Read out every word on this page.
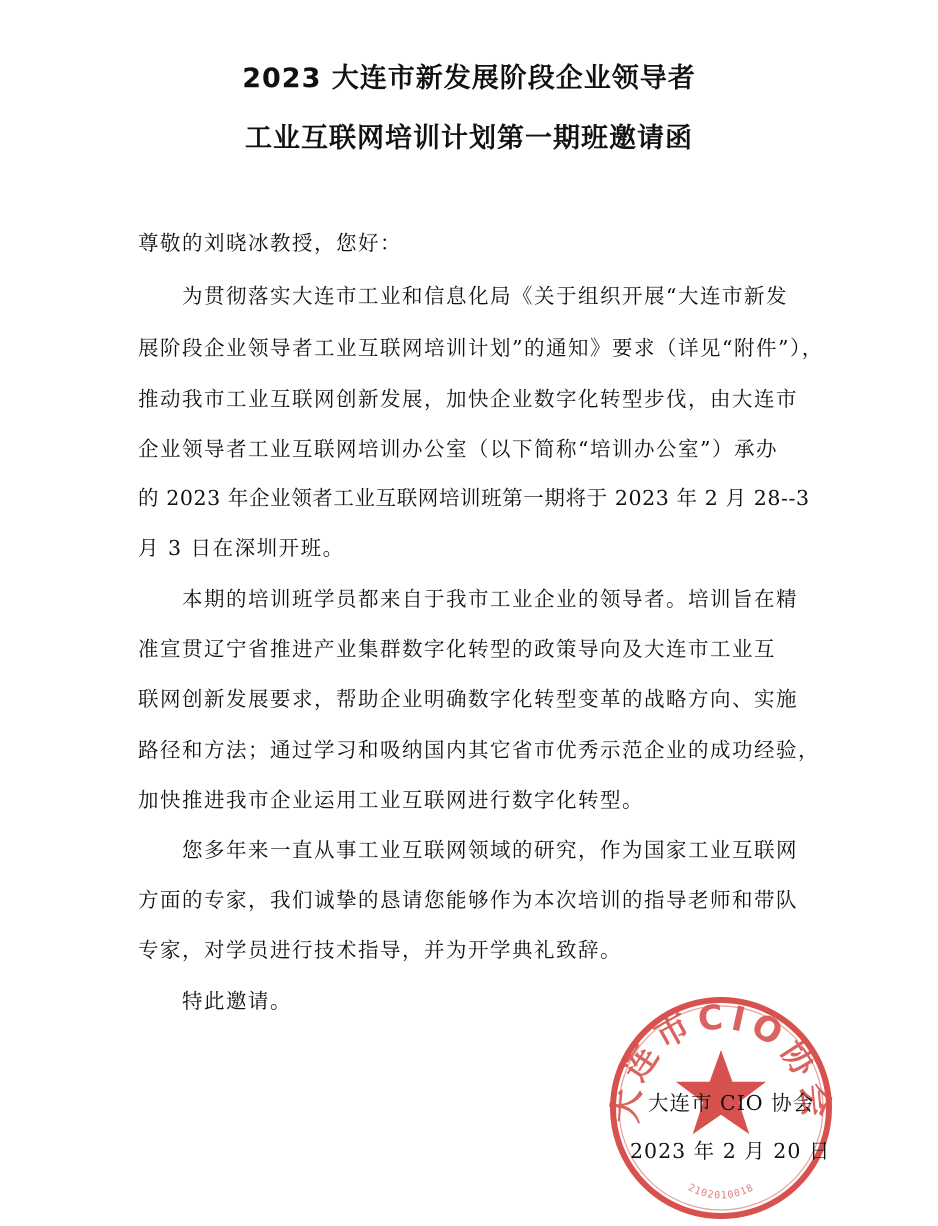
2023 大连市新发展阶段企业领导者
工业互联网培训计划第一期班邀请函
尊敬的刘晓冰教授，您好：
为贯彻落实大连市工业和信息化局《关于组织开展“大连市新发
展阶段企业领导者工业互联网培训计划”的通知》要求（详见“附件”），
推动我市工业互联网创新发展，加快企业数字化转型步伐，由大连市
企业领导者工业互联网培训办公室（以下简称“培训办公室”）承办
的 2023 年企业领者工业互联网培训班第一期将于 2023 年 2 月 28--3
月 3 日在深圳开班。
本期的培训班学员都来自于我市工业企业的领导者。培训旨在精
准宣贯辽宁省推进产业集群数字化转型的政策导向及大连市工业互
联网创新发展要求，帮助企业明确数字化转型变革的战略方向、实施
路径和方法；通过学习和吸纳国内其它省市优秀示范企业的成功经验，
加快推进我市企业运用工业互联网进行数字化转型。
您多年来一直从事工业互联网领域的研究，作为国家工业互联网
方面的专家，我们诚挚的恳请您能够作为本次培训的指导老师和带队
专家，对学员进行技术指导，并为开学典礼致辞。
特此邀请。
大连市CIO协会
2102010018
大连市 CIO 协会
2023 年 2 月 20 日
